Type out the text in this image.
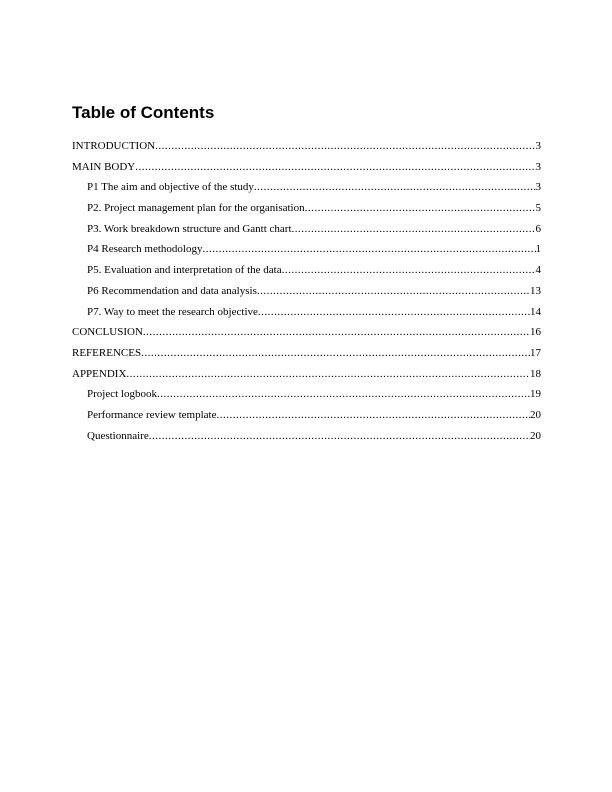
Table of Contents
INTRODUCTION .....	3
MAIN BODY .....	3
P1 The aim and objective of the study .....	3
P2. Project management plan for the organisation .....	5
P3. Work breakdown structure and Gantt chart .....	6
P4 Research methodology .....	1
P5. Evaluation and interpretation of the data .....	4
P6 Recommendation and data analysis .....	13
P7. Way to meet the research objective .....	14
CONCLUSION .....	16
REFERENCES .....	17
APPENDIX .....	18
Project logbook .....	19
Performance review template .....	20
Questionnaire .....	20
